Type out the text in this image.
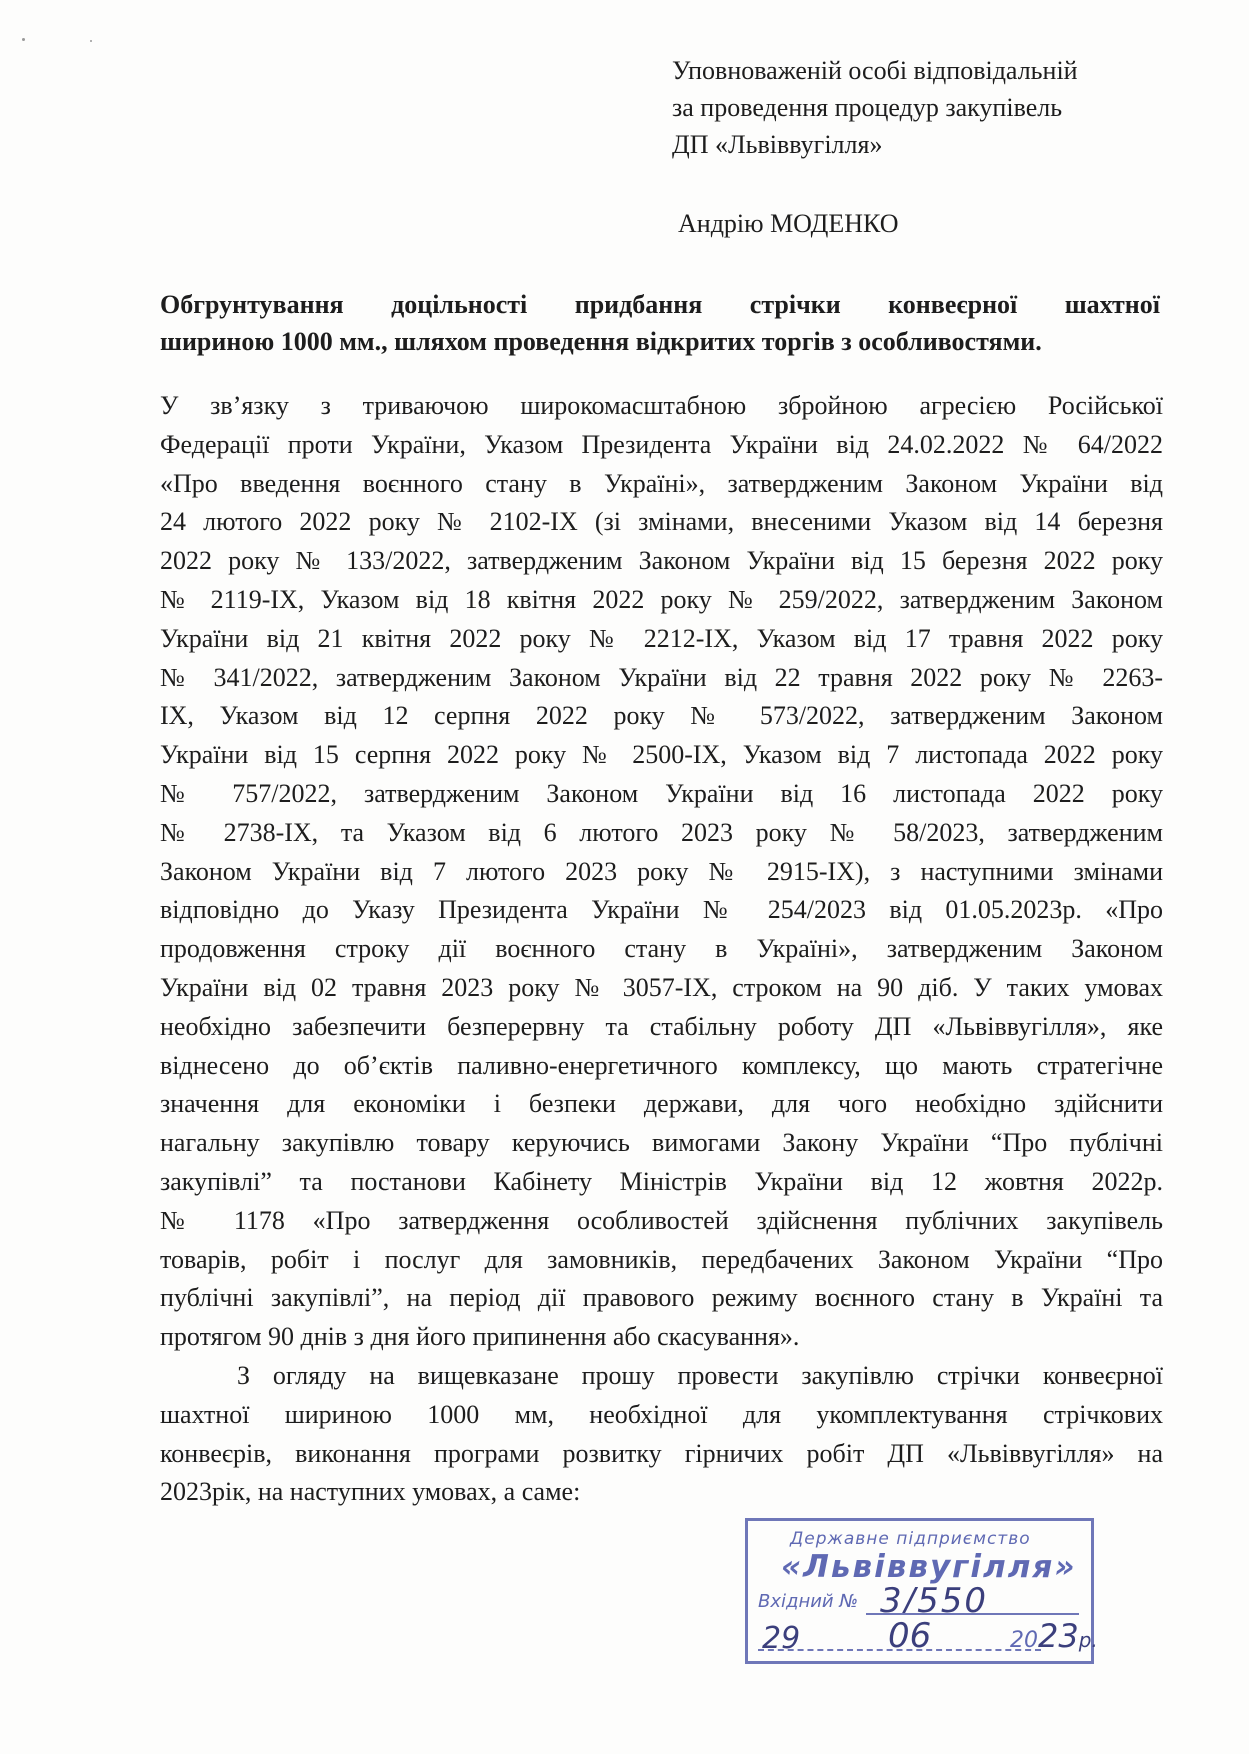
Уповноваженій особі відповідальній
за проведення процедур закупівель
ДП «Львіввугілля»
Андрію МОДЕНКО
Обгрунтування доцільності придбання стрічки конвеєрної шахтної
шириною 1000 мм., шляхом проведення відкритих торгів з особливостями.
У зв’язку з триваючою широкомасштабною збройною агресією Російської
Федерації проти України, Указом Президента України від 24.02.2022 № 64/2022
«Про введення воєнного стану в Україні», затвердженим Законом України від
24 лютого 2022 року № 2102-IX (зі змінами, внесеними Указом від 14 березня
2022 року № 133/2022, затвердженим Законом України від 15 березня 2022 року
№ 2119-IX, Указом від 18 квітня 2022 року № 259/2022, затвердженим Законом
України від 21 квітня 2022 року № 2212-IX, Указом від 17 травня 2022 року
№ 341/2022, затвердженим Законом України від 22 травня 2022 року № 2263-
IX, Указом від 12 серпня 2022 року № 573/2022, затвердженим Законом
України від 15 серпня 2022 року № 2500-IX, Указом від 7 листопада 2022 року
№ 757/2022, затвердженим Законом України від 16 листопада 2022 року
№ 2738-IX, та Указом від 6 лютого 2023 року № 58/2023, затвердженим
Законом України від 7 лютого 2023 року № 2915-IX), з наступними змінами
відповідно до Указу Президента України № 254/2023 від 01.05.2023р. «Про
продовження строку дії воєнного стану в Україні», затвердженим Законом
України від 02 травня 2023 року № 3057-IX, строком на 90 діб. У таких умовах
необхідно забезпечити безперервну та стабільну роботу ДП «Львіввугілля», яке
віднесено до об’єктів паливно-енергетичного комплексу, що мають стратегічне
значення для економіки і безпеки держави, для чого необхідно здійснити
нагальну закупівлю товару керуючись вимогами Закону України “Про публічні
закупівлі” та постанови Кабінету Міністрів України від 12 жовтня 2022р.
№ 1178 «Про затвердження особливостей здійснення публічних закупівель
товарів, робіт і послуг для замовників, передбачених Законом України “Про
публічні закупівлі”, на період дії правового режиму воєнного стану в Україні та
протягом 90 днів з дня його припинення або скасування».
З огляду на вищевказане прошу провести закупівлю стрічки конвеєрної
шахтної шириною 1000 мм, необхідної для укомплектування стрічкових
конвеєрів, виконання програми розвитку гірничих робіт ДП «Львіввугілля» на
2023рік, на наступних умовах, а саме:
Державне підприємство
«Львіввугілля»
Вхідний № 3/550
29	06	20 23р.
